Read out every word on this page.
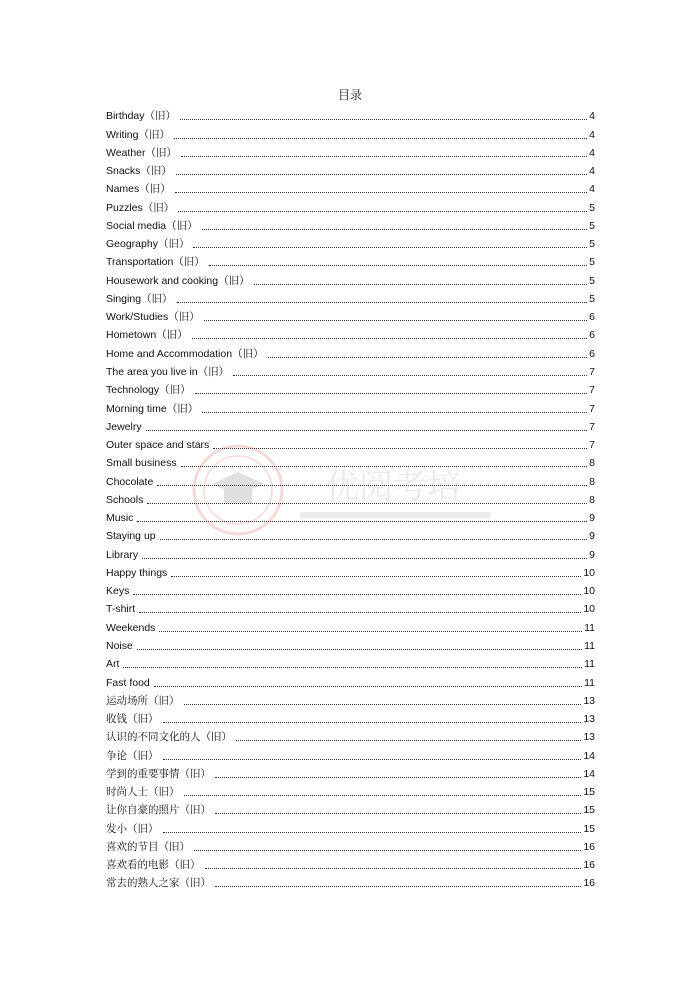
目录
Birthday（旧）	4
Writing（旧）	4
Weather（旧）	4
Snacks（旧）	4
Names（旧）	4
Puzzles（旧）	5
Social media（旧）	5
Geography（旧）	5
Transportation（旧）	5
Housework and cooking（旧）	5
Singing（旧）	5
Work/Studies（旧）	6
Hometown（旧）	6
Home and Accommodation（旧）	6
The area you live in（旧）	7
Technology（旧）	7
Morning time（旧）	7
Jewelry	7
Outer space and stars	7
Small business	8
Chocolate	8
Schools	8
Music	9
Staying up	9
Library	9
Happy things	10
Keys	10
T-shirt	10
Weekends	11
Noise	11
Art	11
Fast food	11
运动场所（旧）	13
收钱（旧）	13
认识的不同文化的人（旧）	13
争论（旧）	14
学到的重要事情（旧）	14
时尚人士（旧）	15
让你自豪的照片（旧）	15
发小（旧）	15
喜欢的节目（旧）	16
喜欢看的电影（旧）	16
常去的熟人之家（旧）	16
优阅考培
